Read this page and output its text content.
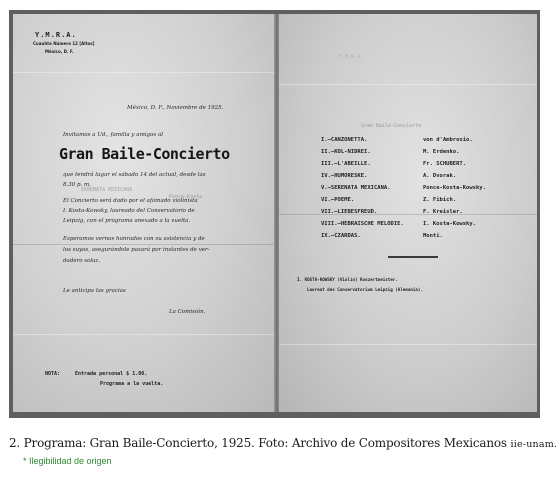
Y.M.R.A.
Cuauhte Número 12 [Altos]
México, D. F.
México, D. F., Noviembre de 1925.
Invitamos a Ud., familia y amigos al
Gran Baile-Concierto
SERENATA MEXICANA
Ponce-Kosta
que tendrá lugar el sábado 14 del actual, desde las
8.30 p. m.
El Concierto será dado por el afamado violinista
I. Kosta-Kowsky, laureado del Conservatorio de
Leipzig, con el programa anexado a la vuelta.
Esperamos vernos honrados con su asistencia y de
los suyos, asegurándole pasará por instantes de ver-
dadero solaz.
Le anticipa las gracias
La Comisión.
NOTA:	Entrada personal $ 1.00.
Programa a la vuelta.
I.—CANZONETTA.	von d'Ambrosio.
II.—KOL-NIDREI.	M. Erdenko.
III.—L'ABEILLE.	Fr. SCHUBERT.
IV.—HUMORESKE.	A. Dvorak.
V.—SERENATA MEXICANA.	Ponce-Kosta-Kowsky.
VI.—POEME.	Z. Fibich.
VII.—LIEBESFREUD.	F. Kreisler.
VIII.—HEBRAISCHE MELODIE.	I. Kosta-Kowsky.
IX.—CZARDAS.	Monti.
I. KOSTA-KOWSKY (Violín) Konzertmeister.
Laureat des Conservatorium Leipzig (Alemania).
Y.M.R.A.
Gran Baile-Concierto
2. Programa: Gran Baile-Concierto, 1925. Foto: Archivo de Compositores Mexicanos iie-unam.
* Ilegibilidad de origen
